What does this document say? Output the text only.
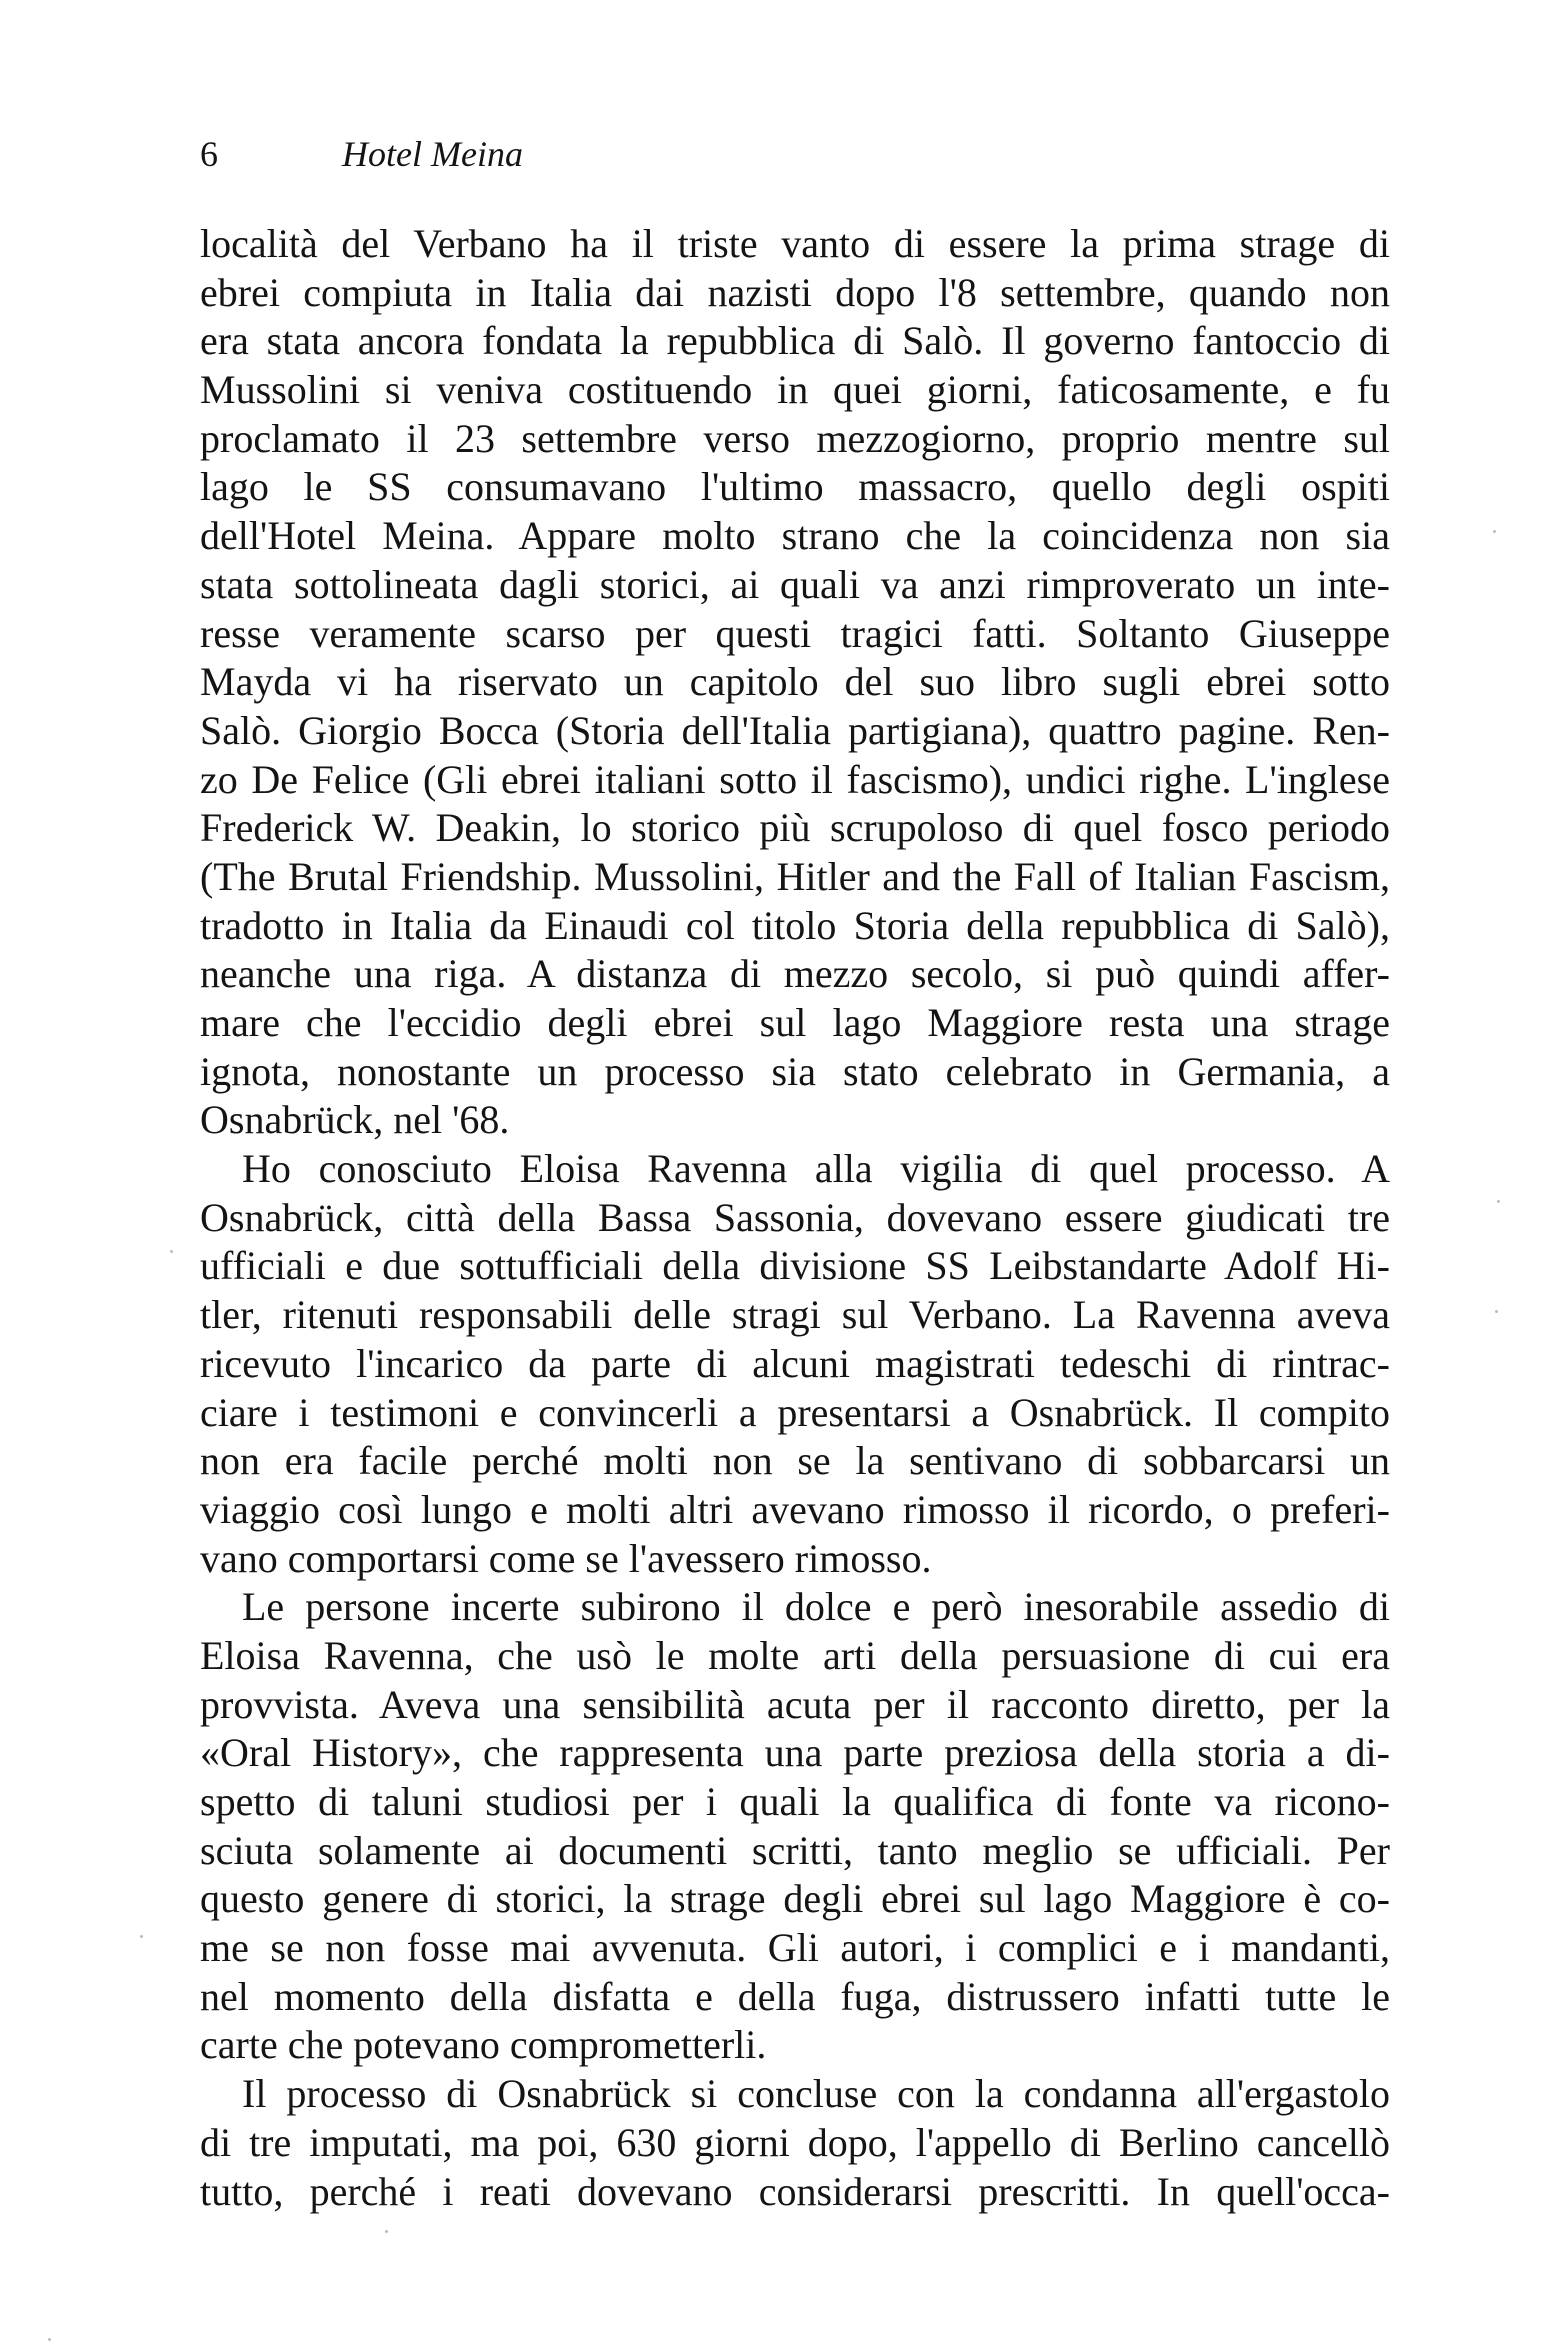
6	Hotel Meina
località del Verbano ha il triste vanto di essere la prima strage di
ebrei compiuta in Italia dai nazisti dopo l'8 settembre, quando non
era stata ancora fondata la repubblica di Salò. Il governo fantoccio di
Mussolini si veniva costituendo in quei giorni, faticosamente, e fu
proclamato il 23 settembre verso mezzogiorno, proprio mentre sul
lago le SS consumavano l'ultimo massacro, quello degli ospiti
dell'Hotel Meina. Appare molto strano che la coincidenza non sia
stata sottolineata dagli storici, ai quali va anzi rimproverato un inte-
resse veramente scarso per questi tragici fatti. Soltanto Giuseppe
Mayda vi ha riservato un capitolo del suo libro sugli ebrei sotto
Salò. Giorgio Bocca (Storia dell'Italia partigiana), quattro pagine. Ren-
zo De Felice (Gli ebrei italiani sotto il fascismo), undici righe. L'inglese
Frederick W. Deakin, lo storico più scrupoloso di quel fosco periodo
(The Brutal Friendship. Mussolini, Hitler and the Fall of Italian Fascism,
tradotto in Italia da Einaudi col titolo Storia della repubblica di Salò),
neanche una riga. A distanza di mezzo secolo, si può quindi affer-
mare che l'eccidio degli ebrei sul lago Maggiore resta una strage
ignota, nonostante un processo sia stato celebrato in Germania, a
Osnabrück, nel '68.
Ho conosciuto Eloisa Ravenna alla vigilia di quel processo. A
Osnabrück, città della Bassa Sassonia, dovevano essere giudicati tre
ufficiali e due sottufficiali della divisione SS Leibstandarte Adolf Hi-
tler, ritenuti responsabili delle stragi sul Verbano. La Ravenna aveva
ricevuto l'incarico da parte di alcuni magistrati tedeschi di rintrac-
ciare i testimoni e convincerli a presentarsi a Osnabrück. Il compito
non era facile perché molti non se la sentivano di sobbarcarsi un
viaggio così lungo e molti altri avevano rimosso il ricordo, o preferi-
vano comportarsi come se l'avessero rimosso.
Le persone incerte subirono il dolce e però inesorabile assedio di
Eloisa Ravenna, che usò le molte arti della persuasione di cui era
provvista. Aveva una sensibilità acuta per il racconto diretto, per la
«Oral History», che rappresenta una parte preziosa della storia a di-
spetto di taluni studiosi per i quali la qualifica di fonte va ricono-
sciuta solamente ai documenti scritti, tanto meglio se ufficiali. Per
questo genere di storici, la strage degli ebrei sul lago Maggiore è co-
me se non fosse mai avvenuta. Gli autori, i complici e i mandanti,
nel momento della disfatta e della fuga, distrussero infatti tutte le
carte che potevano comprometterli.
Il processo di Osnabrück si concluse con la condanna all'ergastolo
di tre imputati, ma poi, 630 giorni dopo, l'appello di Berlino cancellò
tutto, perché i reati dovevano considerarsi prescritti. In quell'occa-
